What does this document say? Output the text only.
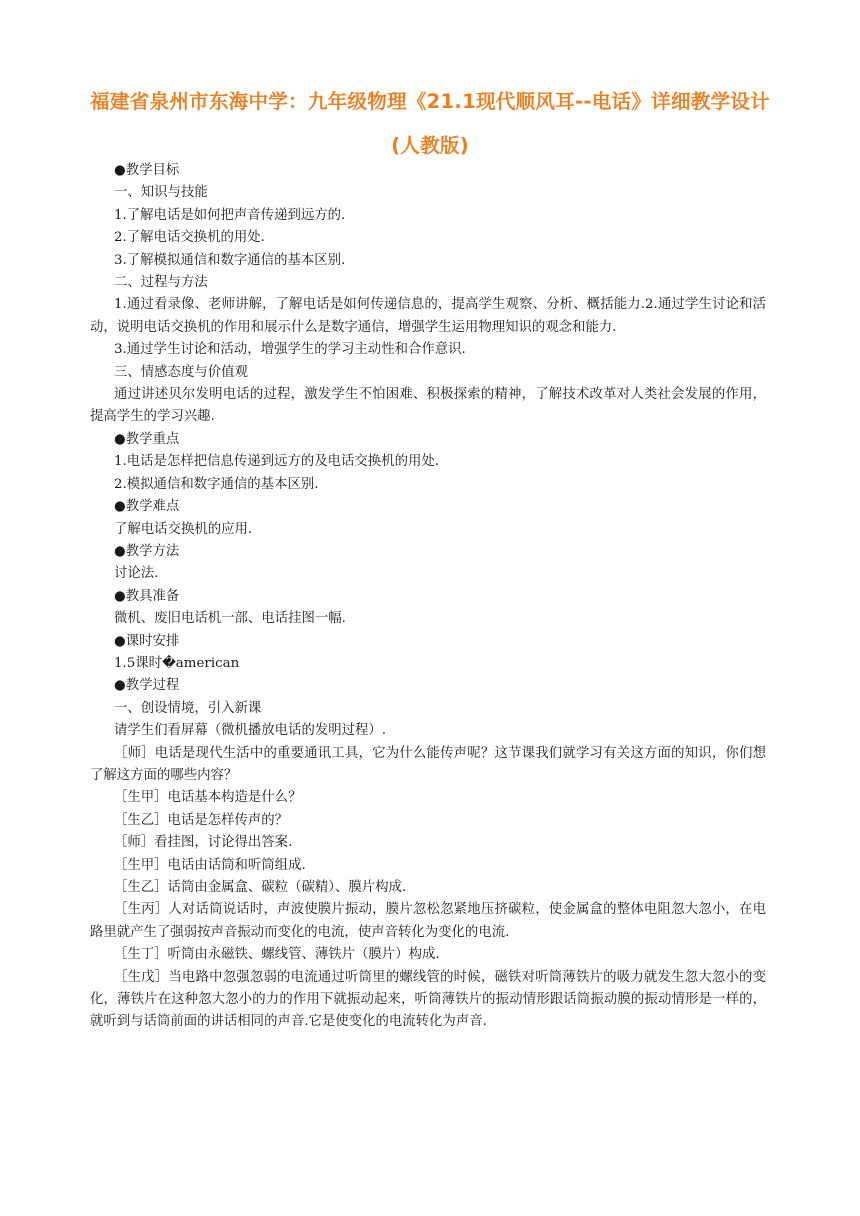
福建省泉州市东海中学：九年级物理《21.1现代顺风耳--电话》详细教学设计(人教版)

●教学目标

一、知识与技能

1.了解电话是如何把声音传递到远方的.

2.了解电话交换机的用处.

3.了解模拟通信和数字通信的基本区别.

二、过程与方法

1.通过看录像、老师讲解，了解电话是如何传递信息的，提高学生观察、分析、概括能力.2.通过学生讨论和活动，说明电话交换机的作用和展示什么是数字通信，增强学生运用物理知识的观念和能力.

3.通过学生讨论和活动，增强学生的学习主动性和合作意识.

三、情感态度与价值观

通过讲述贝尔发明电话的过程，激发学生不怕困难、积极探索的精神，了解技术改革对人类社会发展的作用，提高学生的学习兴趣.

●教学重点

1.电话是怎样把信息传递到远方的及电话交换机的用处.

2.模拟通信和数字通信的基本区别.

●教学难点

了解电话交换机的应用.

●教学方法

讨论法.

●教具准备

微机、废旧电话机一部、电话挂图一幅.

●课时安排

1.5课时�american

●教学过程

一、创设情境，引入新课

请学生们看屏幕（微机播放电话的发明过程）.

［师］电话是现代生活中的重要通讯工具，它为什么能传声呢？这节课我们就学习有关这方面的知识，你们想了解这方面的哪些内容？

［生甲］电话基本构造是什么？

［生乙］电话是怎样传声的？

［师］看挂图，讨论得出答案.

［生甲］电话由话筒和听筒组成.

［生乙］话筒由金属盒、碳粒（碳精）、膜片构成.

［生丙］人对话筒说话时，声波使膜片振动，膜片忽松忽紧地压挤碳粒，使金属盒的整体电阻忽大忽小，在电路里就产生了强弱按声音振动而变化的电流，使声音转化为变化的电流.

［生丁］听筒由永磁铁、螺线管、薄铁片（膜片）构成.

［生戊］当电路中忽强忽弱的电流通过听筒里的螺线管的时候，磁铁对听筒薄铁片的吸力就发生忽大忽小的变化，薄铁片在这种忽大忽小的力的作用下就振动起来，听筒薄铁片的振动情形跟话筒振动膜的振动情形是一样的，就听到与话筒前面的讲话相同的声音.它是使变化的电流转化为声音.
